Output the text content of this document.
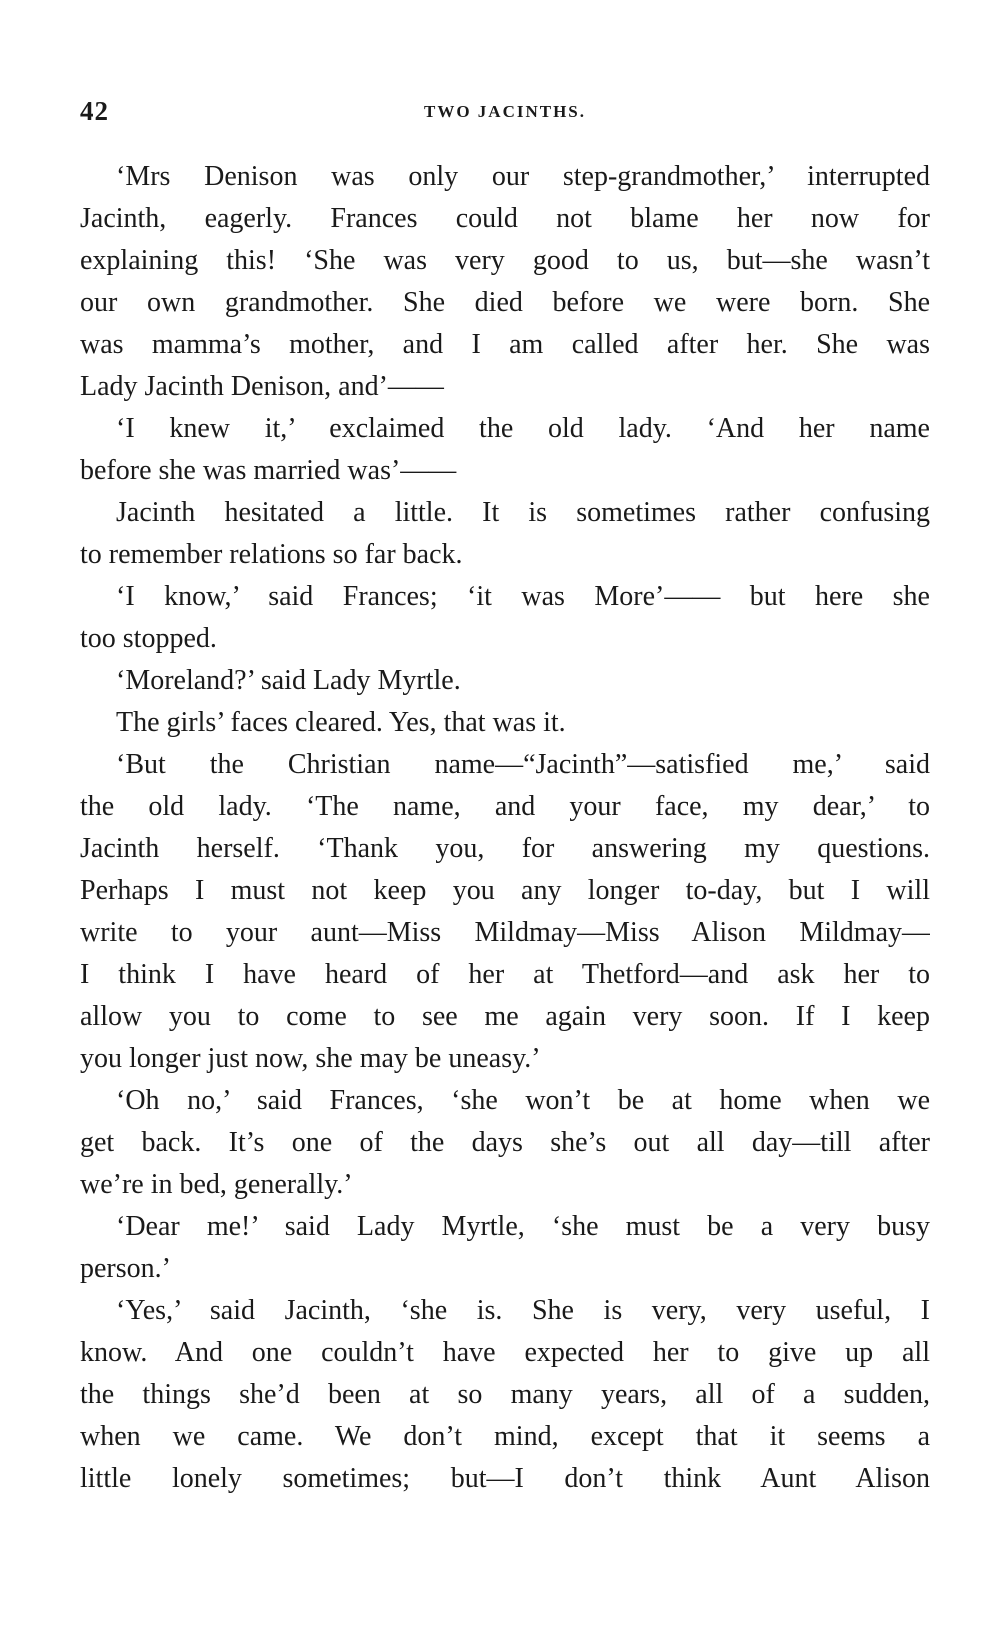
42	TWO JACINTHS.
‘Mrs Denison was only our step-grandmother,’ interrupted
Jacinth, eagerly. Frances could not blame her now for
explaining this! ‘She was very good to us, but—she wasn’t
our own grandmother. She died before we were born. She
was mamma’s mother, and I am called after her. She was
Lady Jacinth Denison, and’——
‘I knew it,’ exclaimed the old lady. ‘And her name
before she was married was’——
Jacinth hesitated a little. It is sometimes rather confusing
to remember relations so far back.
‘I know,’ said Frances; ‘it was More’—— but here she
too stopped.
‘Moreland?’ said Lady Myrtle.
The girls’ faces cleared. Yes, that was it.
‘But the Christian name—“Jacinth”—satisfied me,’ said
the old lady. ‘The name, and your face, my dear,’ to
Jacinth herself. ‘Thank you, for answering my questions.
Perhaps I must not keep you any longer to-day, but I will
write to your aunt—Miss Mildmay—Miss Alison Mildmay—
I think I have heard of her at Thetford—and ask her to
allow you to come to see me again very soon. If I keep
you longer just now, she may be uneasy.’
‘Oh no,’ said Frances, ‘she won’t be at home when we
get back. It’s one of the days she’s out all day—till after
we’re in bed, generally.’
‘Dear me!’ said Lady Myrtle, ‘she must be a very busy
person.’
‘Yes,’ said Jacinth, ‘she is. She is very, very useful, I
know. And one couldn’t have expected her to give up all
the things she’d been at so many years, all of a sudden,
when we came. We don’t mind, except that it seems a
little lonely sometimes; but—I don’t think Aunt Alison
